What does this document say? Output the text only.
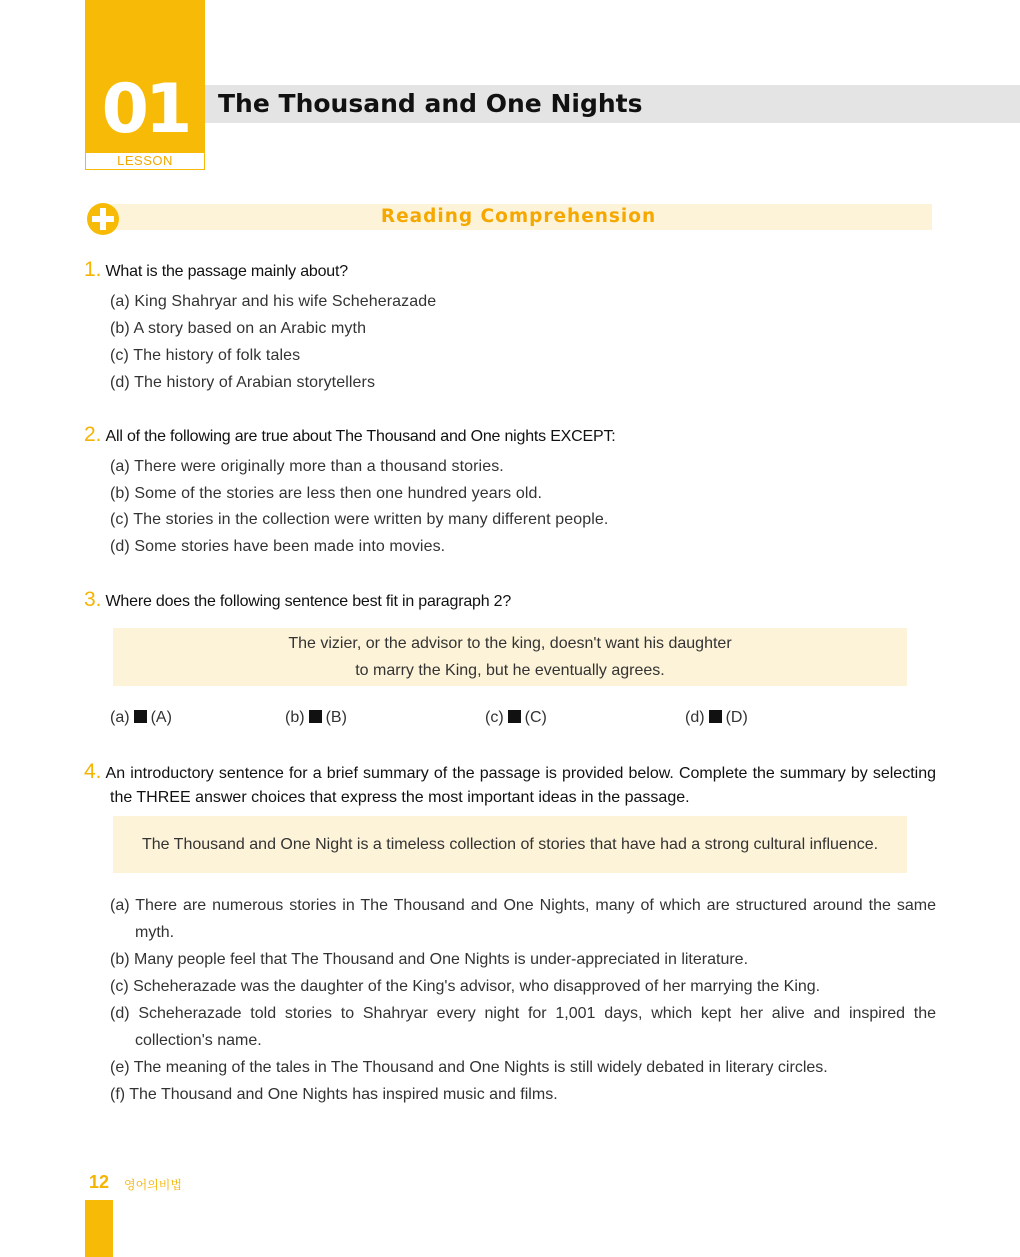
01
LESSON
The Thousand and One Nights
Reading Comprehension
1. What is the passage mainly about?
(a) King Shahryar and his wife Scheherazade
(b) A story based on an Arabic myth
(c) The history of folk tales
(d) The history of Arabian storytellers
2. All of the following are true about The Thousand and One nights EXCEPT:
(a) There were originally more than a thousand stories.
(b) Some of the stories are less then one hundred years old.
(c) The stories in the collection were written by many different people.
(d) Some stories have been made into movies.
3. Where does the following sentence best fit in paragraph 2?
The vizier, or the advisor to the king, doesn't want his daughter
to marry the King, but he eventually agrees.
(a) (A)	(b) (B)	(c) (C)	(d) (D)
4. An introductory sentence for a brief summary of the passage is provided below. Complete the summary by selecting the THREE answer choices that express the most important ideas in the passage.
The Thousand and One Night is a timeless collection of stories that have had a strong cultural influence.
(a) There are numerous stories in The Thousand and One Nights, many of which are structured around the same myth.
(b) Many people feel that The Thousand and One Nights is under-appreciated in literature.
(c) Scheherazade was the daughter of the King's advisor, who disapproved of her marrying the King.
(d) Scheherazade told stories to Shahryar every night for 1,001 days, which kept her alive and inspired the collection's name.
(e) The meaning of the tales in The Thousand and One Nights is still widely debated in literary circles.
(f) The Thousand and One Nights has inspired music and films.
12 영어의비법
